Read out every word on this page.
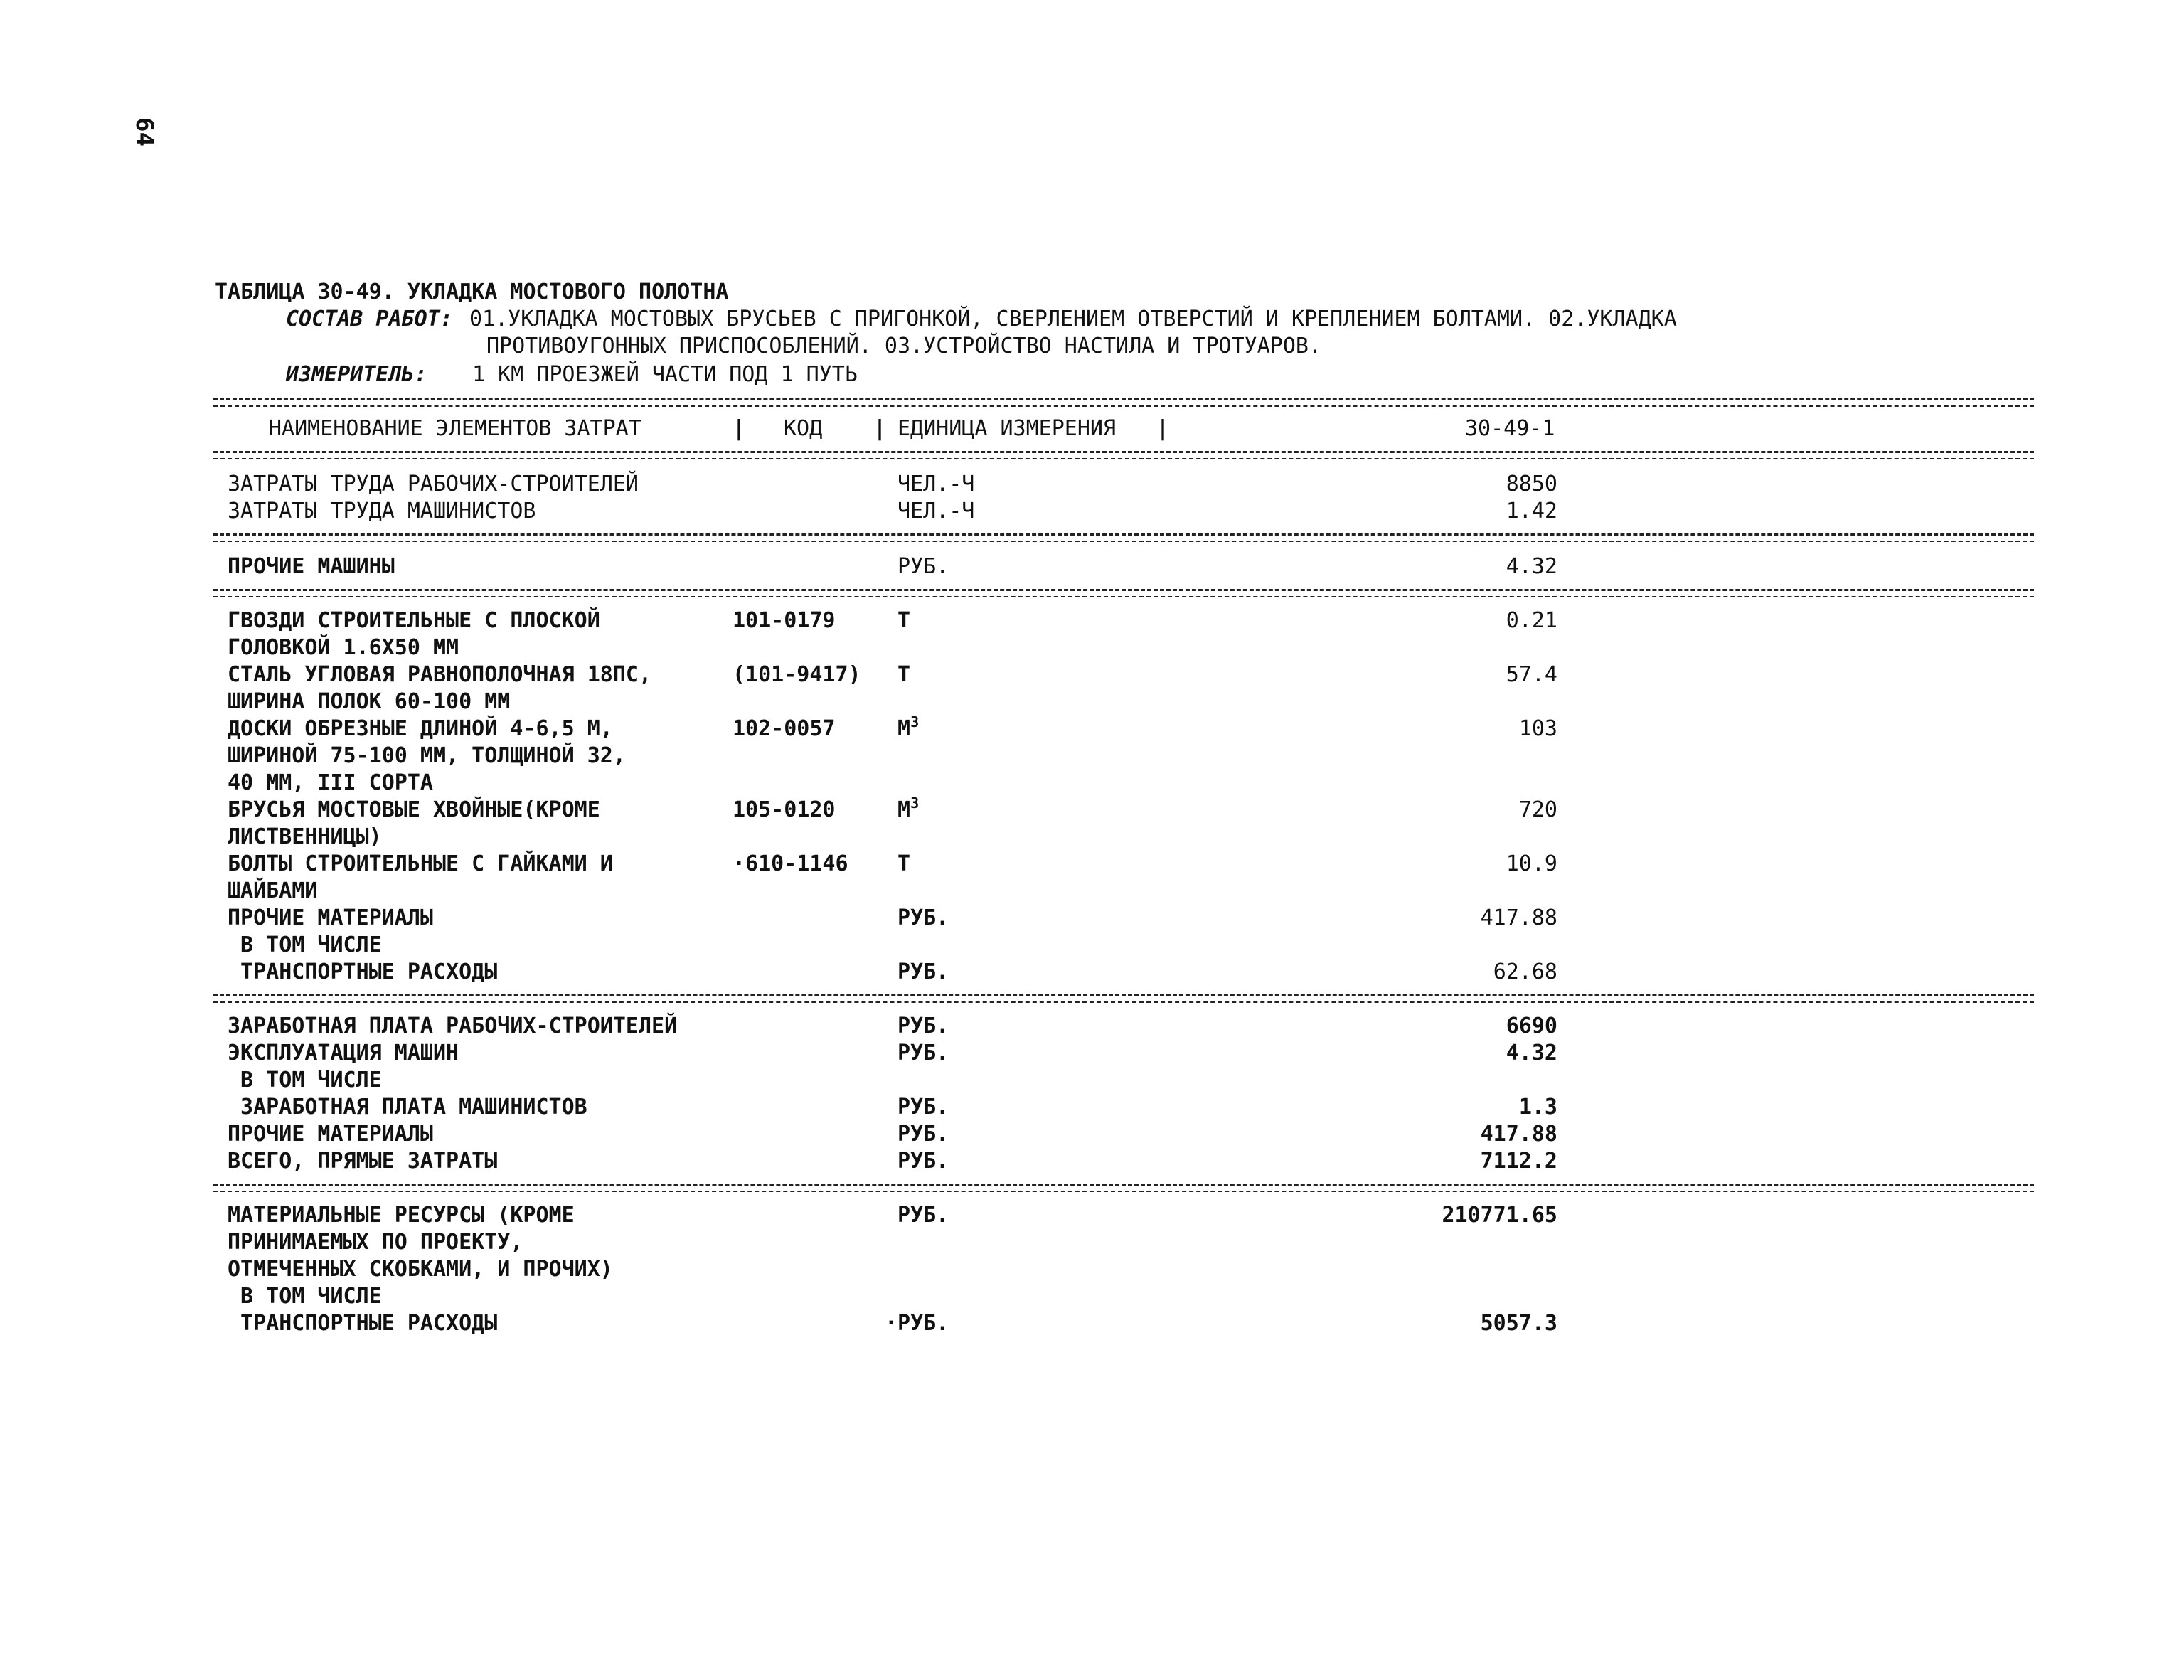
64
ТАБЛИЦА 30-49. УКЛАДКА МОСТОВОГО ПОЛОТНА
СОСТАВ РАБОТ: 01.УКЛАДКА МОСТОВЫХ БРУСЬЕВ С ПРИГОНКОЙ, СВЕРЛЕНИЕМ ОТВЕРСТИЙ И КРЕПЛЕНИЕМ БОЛТАМИ. 02.УКЛАДКА
ПРОТИВОУГОННЫХ ПРИСПОСОБЛЕНИЙ. 03.УСТРОЙСТВО НАСТИЛА И ТРОТУАРОВ.
ИЗМЕРИТЕЛЬ: 1 КМ ПРОЕЗЖЕЙ ЧАСТИ ПОД 1 ПУТЬ
НАИМЕНОВАНИЕ ЭЛЕМЕНТОВ ЗАТРАТ	| КОД | ЕДИНИЦА ИЗМЕРЕНИЯ |	30-49-1
ЗАТРАТЫ ТРУДА РАБОЧИХ-СТРОИТЕЛЕЙ	ЧЕЛ.-Ч	8850
ЗАТРАТЫ ТРУДА МАШИНИСТОВ	ЧЕЛ.-Ч	1.42
ПРОЧИЕ МАШИНЫ	РУБ.	4.32
ГВОЗДИ СТРОИТЕЛЬНЫЕ С ПЛОСКОЙ	101-0179	Т	0.21
ГОЛОВКОЙ 1.6Х50 ММ
СТАЛЬ УГЛОВАЯ РАВНОПОЛОЧНАЯ 18ПС,	(101-9417) Т	57.4
ШИРИНА ПОЛОК 60-100 ММ
ДОСКИ ОБРЕЗНЫЕ ДЛИНОЙ 4-6,5 М,	102-0057	$М^3$	103
ШИРИНОЙ 75-100 ММ, ТОЛЩИНОЙ 32,
40 ММ, III СОРТА
БРУСЬЯ МОСТОВЫЕ ХВОЙНЫЕ(КРОМЕ	105-0120	$М^3$	720
ЛИСТВЕННИЦЫ)
БОЛТЫ СТРОИТЕЛЬНЫЕ С ГАЙКАМИ И	·610-1146 Т	10.9
ШАЙБАМИ
ПРОЧИЕ МАТЕРИАЛЫ	РУБ.	417.88
В ТОМ ЧИСЛЕ
ТРАНСПОРТНЫЕ РАСХОДЫ	РУБ.	62.68
ЗАРАБОТНАЯ ПЛАТА РАБОЧИХ-СТРОИТЕЛЕЙ	РУБ.	6690
ЭКСПЛУАТАЦИЯ МАШИН	РУБ.	4.32
В ТОМ ЧИСЛЕ
ЗАРАБОТНАЯ ПЛАТА МАШИНИСТОВ	РУБ.	1.3
ПРОЧИЕ МАТЕРИАЛЫ	РУБ.	417.88
ВСЕГО, ПРЯМЫЕ ЗАТРАТЫ	РУБ.	7112.2
МАТЕРИАЛЬНЫЕ РЕСУРСЫ (КРОМЕ	РУБ.	210771.65
ПРИНИМАЕМЫХ ПО ПРОЕКТУ,
ОТМЕЧЕННЫХ СКОБКАМИ, И ПРОЧИХ)
В ТОМ ЧИСЛЕ
ТРАНСПОРТНЫЕ РАСХОДЫ	·РУБ.	5057.3
